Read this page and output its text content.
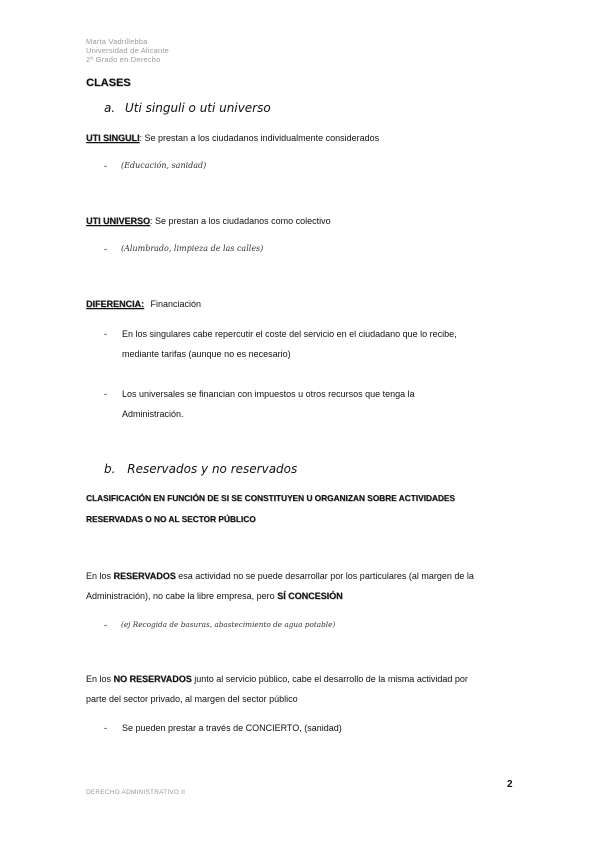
Marta Vadrillebba
Universidad de Alicante
2º Grado en Derecho
CLASES
a. Uti singuli o uti universo
UTI SINGULI: Se prestan a los ciudadanos individualmente considerados
- (Educación, sanidad)
UTI UNIVERSO: Se prestan a los ciudadanos como colectivo
- (Alumbrado, limpieza de las calles)
DIFERENCIA: Financiación
- En los singulares cabe repercutir el coste del servicio en el ciudadano que lo recibe,
mediante tarifas (aunque no es necesario)
- Los universales se financian con impuestos u otros recursos que tenga la
Administración.
b. Reservados y no reservados
CLASIFICACIÓN EN FUNCIÓN DE SI SE CONSTITUYEN U ORGANIZAN SOBRE ACTIVIDADES
RESERVADAS O NO AL SECTOR PÚBLICO
En los RESERVADOS esa actividad no se puede desarrollar por los particulares (al margen de la
Administración), no cabe la libre empresa, pero SÍ CONCESIÓN
- (ej Recogida de basuras, abastecimiento de agua potable)
En los NO RESERVADOS junto al servicio público, cabe el desarrollo de la misma actividad por
parte del sector privado, al margen del sector público
- Se pueden prestar a través de CONCIERTO, (sanidad)
2
DERECHO ADMINISTRATIVO II
